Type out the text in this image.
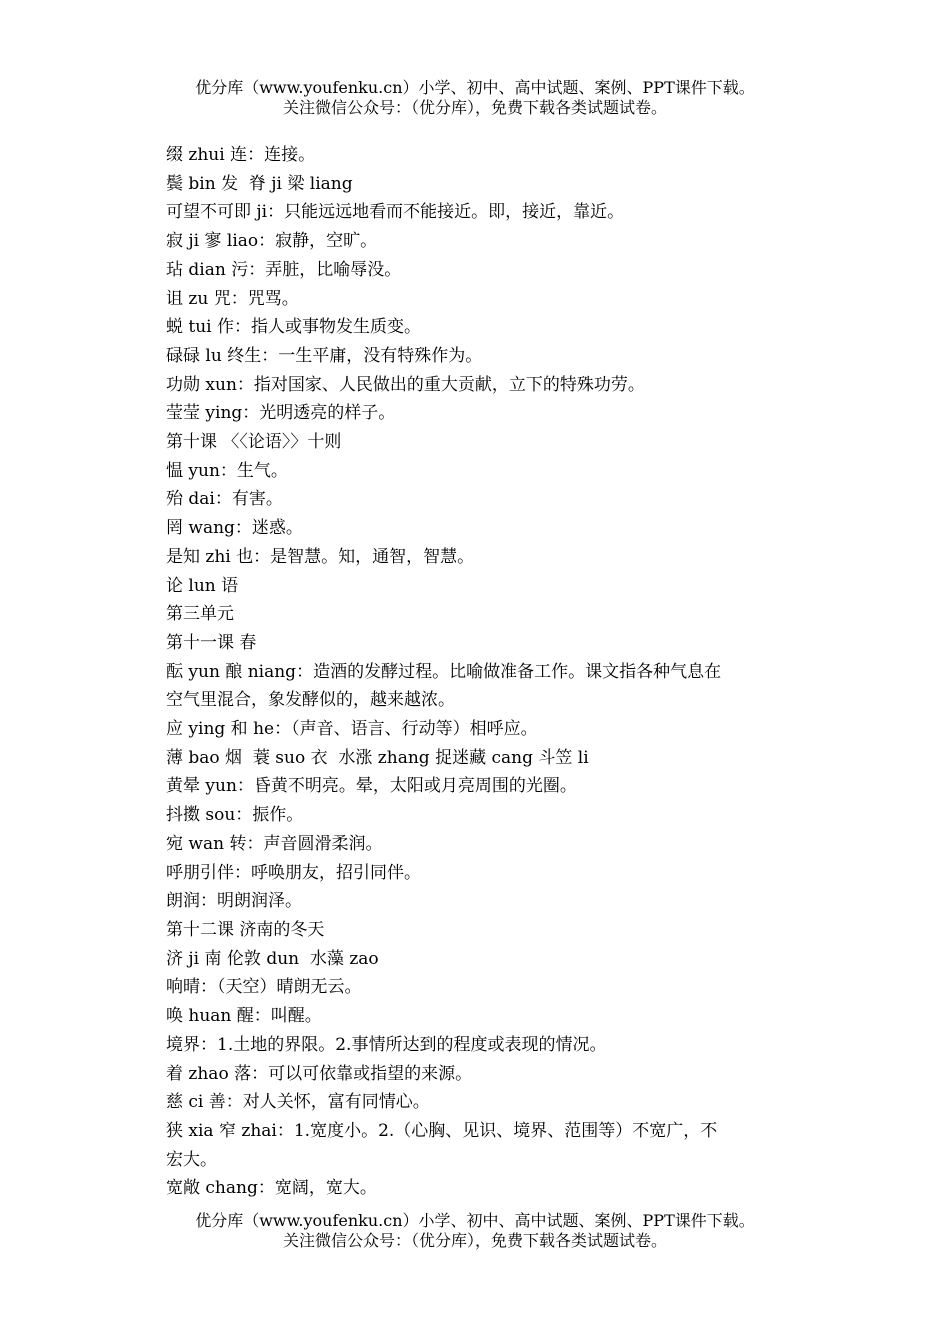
优分库（www.youfenku.cn）小学、初中、高中试题、案例、PPT课件下载。
关注微信公众号：（优分库），免费下载各类试题试卷。
缀 zhui 连：连接。
鬓 bin 发  脊 ji 梁 liang
可望不可即 ji：只能远远地看而不能接近。即，接近，靠近。
寂 ji 寥 liao：寂静，空旷。
玷 dian 污：弄脏，比喻辱没。
诅 zu 咒：咒骂。
蜕 tui 作：指人或事物发生质变。
碌碌 lu 终生：一生平庸，没有特殊作为。
功勋 xun：指对国家、人民做出的重大贡献，立下的特殊功劳。
莹莹 ying：光明透亮的样子。
第十课 〈〈论语〉〉十则
愠 yun：生气。
殆 dai：有害。
罔 wang：迷惑。
是知 zhi 也：是智慧。知，通智，智慧。
论 lun 语
第三单元
第十一课 春
酝 yun 酿 niang：造酒的发酵过程。比喻做准备工作。课文指各种气息在
空气里混合，象发酵似的，越来越浓。
应 ying 和 he：（声音、语言、行动等）相呼应。
薄 bao 烟  蓑 suo 衣  水涨 zhang 捉迷藏 cang 斗笠 li
黄晕 yun：昏黄不明亮。晕，太阳或月亮周围的光圈。
抖擞 sou：振作。
宛 wan 转：声音圆滑柔润。
呼朋引伴：呼唤朋友，招引同伴。
朗润：明朗润泽。
第十二课 济南的冬天
济 ji 南 伦敦 dun  水藻 zao
响晴：（天空）晴朗无云。
唤 huan 醒：叫醒。
境界：1.土地的界限。2.事情所达到的程度或表现的情况。
着 zhao 落：可以可依靠或指望的来源。
慈 ci 善：对人关怀，富有同情心。
狭 xia 窄 zhai：1.宽度小。2.（心胸、见识、境界、范围等）不宽广，不
宏大。
宽敞 chang：宽阔，宽大。
优分库（www.youfenku.cn）小学、初中、高中试题、案例、PPT课件下载。
关注微信公众号：（优分库），免费下载各类试题试卷。
